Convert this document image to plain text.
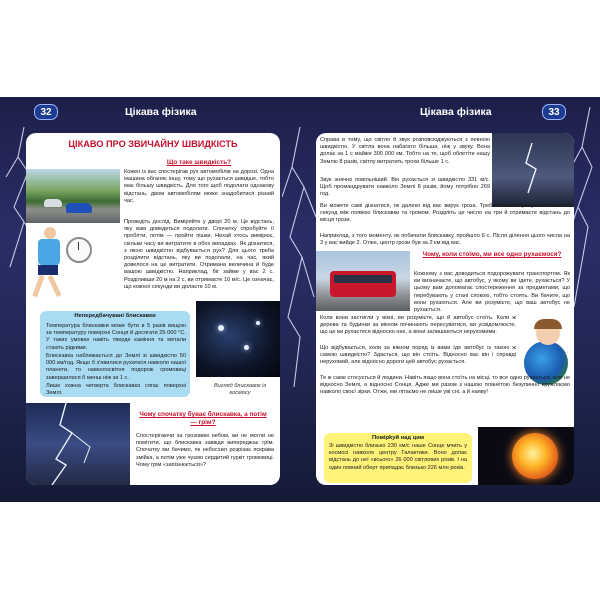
32	Цікава фізика
ЦІКАВО ПРО ЗВИЧАЙНУ ШВИДКІСТЬ
Що таке швидкість?
Кожен із вас спостерігав рух автомобілів на дорозі. Одна машина обганяє іншу, тому що рухається швидше, тобто має більшу швидкість. Для того щоб подолати однакову відстань, двом автомобілям може знадобитися різний час.
Проведіть дослід. Виміряйте у дворі 20 м. Це відстань, яку вам доведеться подолати. Спочатку спробуйте її пробігти, потім — пройти пішки. Нехай хтось вимірює, скільки часу ви витратите в обох випадках. Як дізнатися, з якою швидкістю відбувається рух? Для цього треба розділити відстань, яку ви подолали, на час, який довелося на це витратити. Отримана величина й буде вашою швидкістю. Наприклад, біг займе у вас 2 с. Розділивши 20 м на 2 с, ви отримаєте 10 м/с. Це означає, що кожної секунди ви долаєте 10 м.
Непередбачувані блискавки
Температура блискавки може бути в 5 разів вищою за температуру поверхні Сонця й досягати 25 000 °С. У таких умовах навіть тверде каміння та метали стають рідкими.
Блискавка наближається до Землі зі швидкістю 50 000 км/год. Якщо б з'явилися рухатися навколо нашої планети, то навколосвітня подорож громовиці завершилася б менш ніж за 1 с.
Лише кожна четверта блискавка сягає поверхні Землі.
Вигляд блискавок із космосу
Чому спочатку буває блискавка, а потім — грім?
Спостерігаючи за грозовим небом, ви не могли не помітити, що блискавка завжди випереджає грім. Спочатку ми бачимо, як небосхил розрізає яскрава змійка, а потім уже чуємо сердитий гуркіт громовиці. Чому грім «запізнюється»?
Цікава фізика	33
Справа в тому, що світло й звук розповсюджуються з певною швидкістю. У світла вона набагато більша, ніж у звуку. Вона долає за 1 с майже 300 000 км. Тобто на те, щоб облетіти нашу Землю 8 разів, світлу витратить трохи більше 1 с.
Звук значно повільніший. Він рухається зі швидкістю 331 м/с. Щоб промандрувати навколо Землі 8 разів, йому потрібно 269 год.
Ви можете самі дізнатися, як далеко від вас вирує гроза. Треба тільки порахувати кількість секунд між появою блискавки та громом. Розділіть це число на три й отримаєте відстань до місця грози.
Наприклад, з того моменту, як побачили блискавку, пройшло 6 с. Після ділення цього числа на 3 у вас вийде 2. Отже, центр грози був за 2 км від вас.
Чому, коли стоїмо, ми все одно рухаємося?
Кожному з вас доводиться подорожувати транспортом. Як ви визначаєте, що автобус, у якому ви їдете, рухається? У цьому вам допомагає спостереження за предметами, що перебувають у стані спокою, тобто стоять. Ви бачите, що вони рухаються. Але ви розумієте, що ваш автобус не рухається.
Коли вони застигли у вікні, ви розумієте, що й автобус стоїть. Коли ж дерева та будинки за вікном починають пересуватися, ви усвідомлюєте, що це ви рухаєтеся відносно них, а вони залишаються нерухомими.
Що відбувається, коли за вікном поряд із вами їде автобус із такою ж самою швидкістю? Здається, що він стоїть. Відносно вас він і справді нерухомий, але відносно дороги цей автобус рухається.
Те ж саме стосується й людини. Навіть якщо вона стоїть на місці, то все одно рухається, але не відносно Землі, а відносно Сонця. Адже ми разом з нашою планетою безупинно кружляємо навколо своєї зірки. Отже, ми літаємо не лише уві сні, а й наяву!
Помірkуй над цим
Зі швидкістю близько 230 км/с наше Сонце мчить у космосі навколо центру Галактики. Воно долає відстань до неї «всього» 26 000 світлових років. І на один повний оберт припадає близько 226 млн років.
